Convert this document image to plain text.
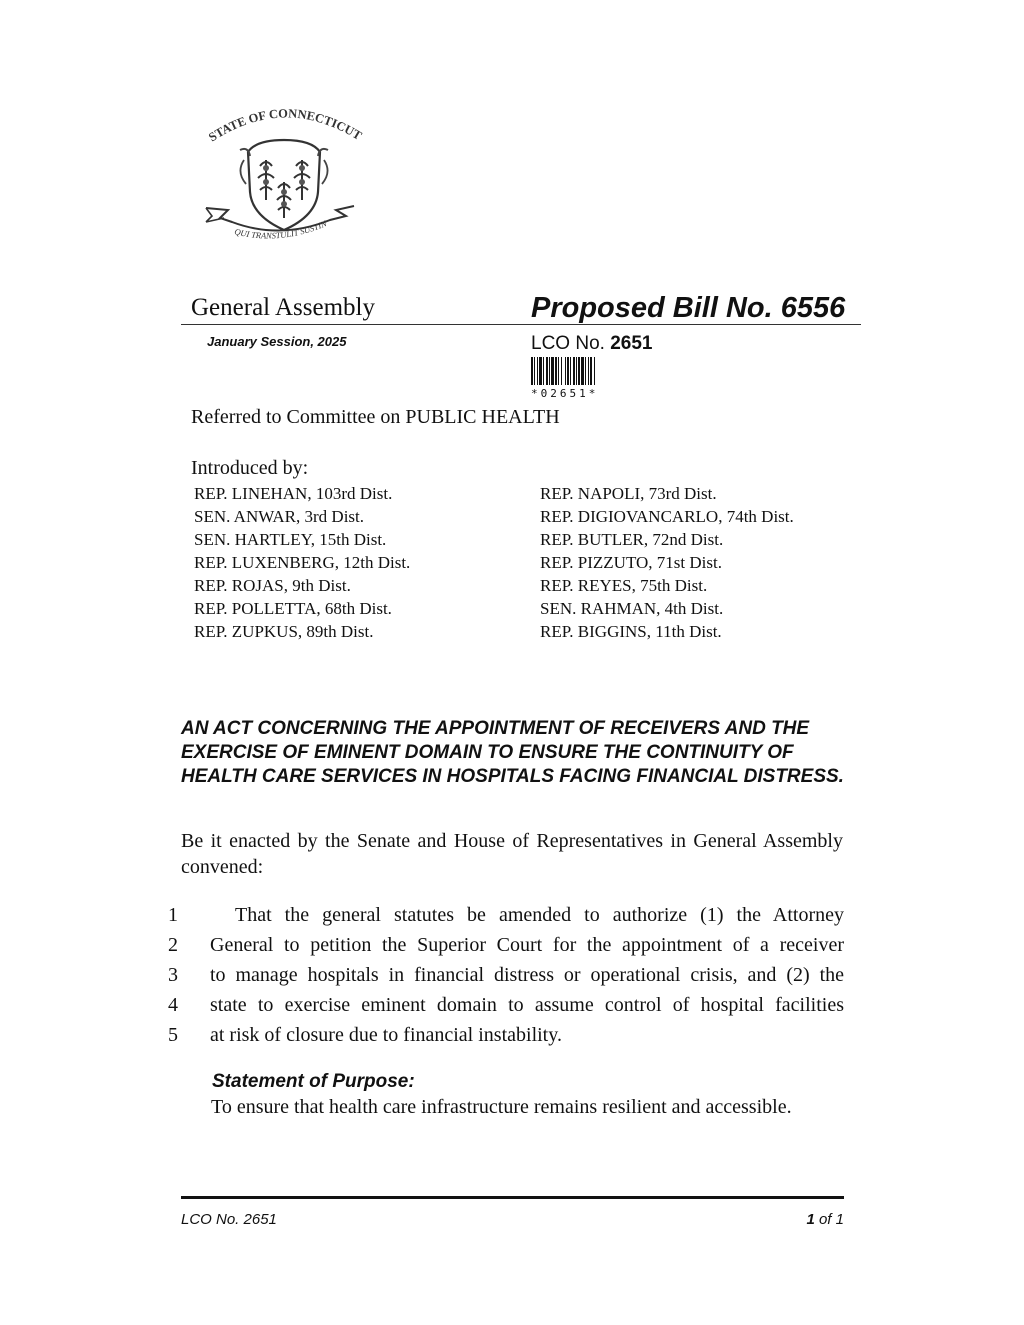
STATE OF CONNECTICUT
QUI TRANSTULIT SUSTIN
General Assembly	Proposed Bill No. 6556
January Session, 2025	LCO No. 2651
*02651*
Referred to Committee on PUBLIC HEALTH
Introduced by:
REP. LINEHAN, 103rd Dist.
SEN. ANWAR, 3rd Dist.
SEN. HARTLEY, 15th Dist.
REP. LUXENBERG, 12th Dist.
REP. ROJAS, 9th Dist.
REP. POLLETTA, 68th Dist.
REP. ZUPKUS, 89th Dist.
REP. NAPOLI, 73rd Dist.
REP. DIGIOVANCARLO, 74th Dist.
REP. BUTLER, 72nd Dist.
REP. PIZZUTO, 71st Dist.
REP. REYES, 75th Dist.
SEN. RAHMAN, 4th Dist.
REP. BIGGINS, 11th Dist.
AN ACT CONCERNING THE APPOINTMENT OF RECEIVERS AND THE EXERCISE OF EMINENT DOMAIN TO ENSURE THE CONTINUITY OF HEALTH CARE SERVICES IN HOSPITALS FACING FINANCIAL DISTRESS.
Be it enacted by the Senate and House of Representatives in General Assembly convened:
1	That the general statutes be amended to authorize (1) the Attorney
2 General to petition the Superior Court for the appointment of a receiver
3 to manage hospitals in financial distress or operational crisis, and (2) the
4 state to exercise eminent domain to assume control of hospital facilities
5 at risk of closure due to financial instability.
Statement of Purpose:
To ensure that health care infrastructure remains resilient and accessible.
LCO No. 2651	1 of 1
